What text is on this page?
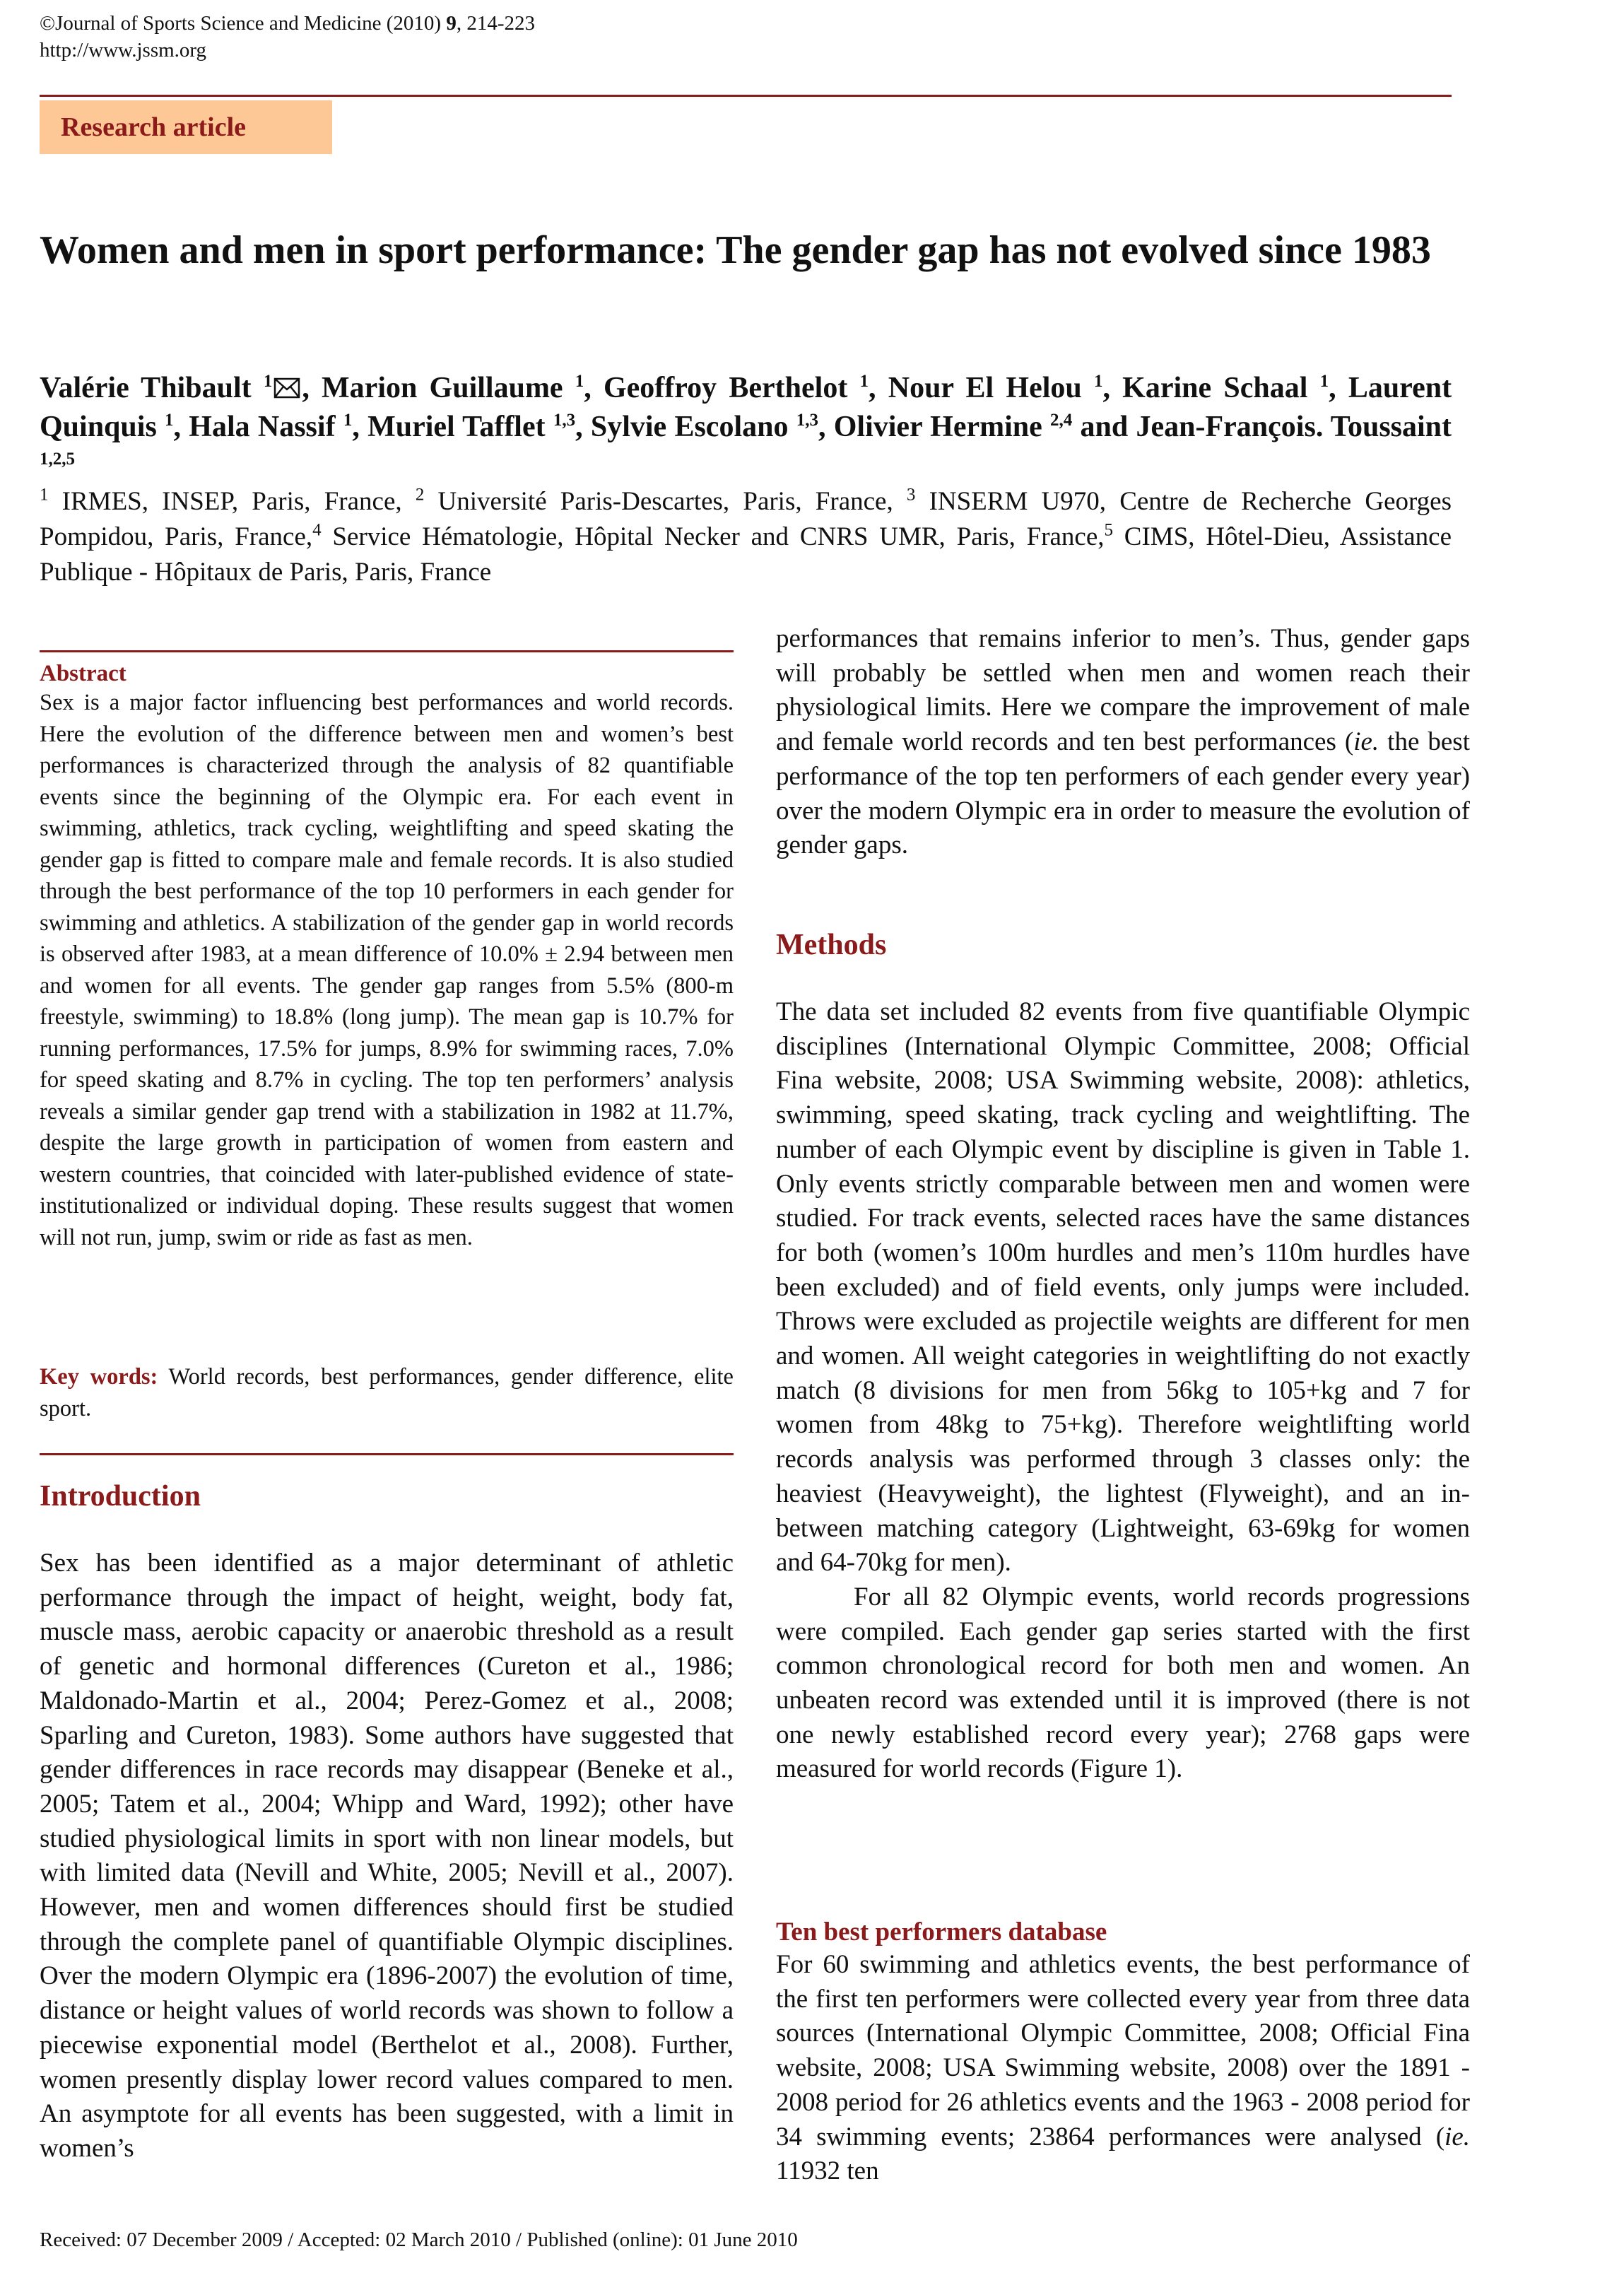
©Journal of Sports Science and Medicine (2010) 9, 214-223
http://www.jssm.org
Research article
Women and men in sport performance: The gender gap has not evolved since 1983

Valérie Thibault $^1$ , Marion Guillaume $^1$, Geoffroy Berthelot $^1$, Nour El Helou $^1$, Karine Schaal $^1$, Laurent Quinquis $^1$, Hala Nassif $^1$, Muriel Tafflet $^{1,3}$, Sylvie Escolano $^{1,3}$, Olivier Hermine $^{2,4}$ and Jean-François. Toussaint $^{1,2,5}$

$^1$ IRMES, INSEP, Paris, France, $^2$ Université Paris-Descartes, Paris, France, $^3$ INSERM U970, Centre de Recherche Georges Pompidou, Paris, France,$^4$ Service Hématologie, Hôpital Necker and CNRS UMR, Paris, France,$^5$ CIMS, Hôtel-Dieu, Assistance Publique - Hôpitaux de Paris, Paris, France

Abstract
Sex is a major factor influencing best performances and world records. Here the evolution of the difference between men and women’s best performances is characterized through the analysis of 82 quantifiable events since the beginning of the Olympic era. For each event in swimming, athletics, track cycling, weightlifting and speed skating the gender gap is fitted to compare male and female records. It is also studied through the best performance of the top 10 performers in each gender for swimming and athletics. A stabilization of the gender gap in world records is observed after 1983, at a mean difference of 10.0% ± 2.94 between men and women for all events. The gender gap ranges from 5.5% (800-m freestyle, swimming) to 18.8% (long jump). The mean gap is 10.7% for running performances, 17.5% for jumps, 8.9% for swimming races, 7.0% for speed skating and 8.7% in cycling. The top ten performers’ analysis reveals a similar gender gap trend with a stabilization in 1982 at 11.7%, despite the large growth in participation of women from eastern and western countries, that coincided with later-published evidence of state-institutionalized or individual doping. These results suggest that women will not run, jump, swim or ride as fast as men.
Key words: World records, best performances, gender difference, elite sport.
Introduction

Sex has been identified as a major determinant of athletic performance through the impact of height, weight, body fat, muscle mass, aerobic capacity or anaerobic threshold as a result of genetic and hormonal differences (Cureton et al., 1986; Maldonado-Martin et al., 2004; Perez-Gomez et al., 2008; Sparling and Cureton, 1983). Some authors have suggested that gender differences in race records may disappear (Beneke et al., 2005; Tatem et al., 2004; Whipp and Ward, 1992); other have studied physiological limits in sport with non linear models, but with limited data (Nevill and White, 2005; Nevill et al., 2007). However, men and women differences should first be studied through the complete panel of quantifiable Olympic disciplines. Over the modern Olympic era (1896-2007) the evolution of time, distance or height values of world records was shown to follow a piecewise exponential model (Berthelot et al., 2008). Further, women presently display lower record values compared to men. An asymptote for all events has been suggested, with a limit in women’s

performances that remains inferior to men’s. Thus, gender gaps will probably be settled when men and women reach their physiological limits. Here we compare the improvement of male and female world records and ten best performances (ie. the best performance of the top ten performers of each gender every year) over the modern Olympic era in order to measure the evolution of gender gaps.

Methods

The data set included 82 events from five quantifiable Olympic disciplines (International Olympic Committee, 2008; Official Fina website, 2008; USA Swimming website, 2008): athletics, swimming, speed skating, track cycling and weightlifting. The number of each Olympic event by discipline is given in Table 1. Only events strictly comparable between men and women were studied. For track events, selected races have the same distances for both (women’s 100m hurdles and men’s 110m hurdles have been excluded) and of field events, only jumps were included. Throws were excluded as projectile weights are different for men and women. All weight categories in weightlifting do not exactly match (8 divisions for men from 56kg to 105+kg and 7 for women from 48kg to 75+kg). Therefore weightlifting world records analysis was performed through 3 classes only: the heaviest (Heavyweight), the lightest (Flyweight), and an in-between matching category (Lightweight, 63-69kg for women and 64-70kg for men).

For all 82 Olympic events, world records progressions were compiled. Each gender gap series started with the first common chronological record for both men and women. An unbeaten record was extended until it is improved (there is not one newly established record every year); 2768 gaps were measured for world records (Figure 1).

Ten best performers database

For 60 swimming and athletics events, the best performance of the first ten performers were collected every year from three data sources (International Olympic Committee, 2008; Official Fina website, 2008; USA Swimming website, 2008) over the 1891 - 2008 period for 26 athletics events and the 1963 - 2008 period for 34 swimming events; 23864 performances were analysed (ie. 11932 ten

Received: 07 December 2009 / Accepted: 02 March 2010 / Published (online): 01 June 2010
